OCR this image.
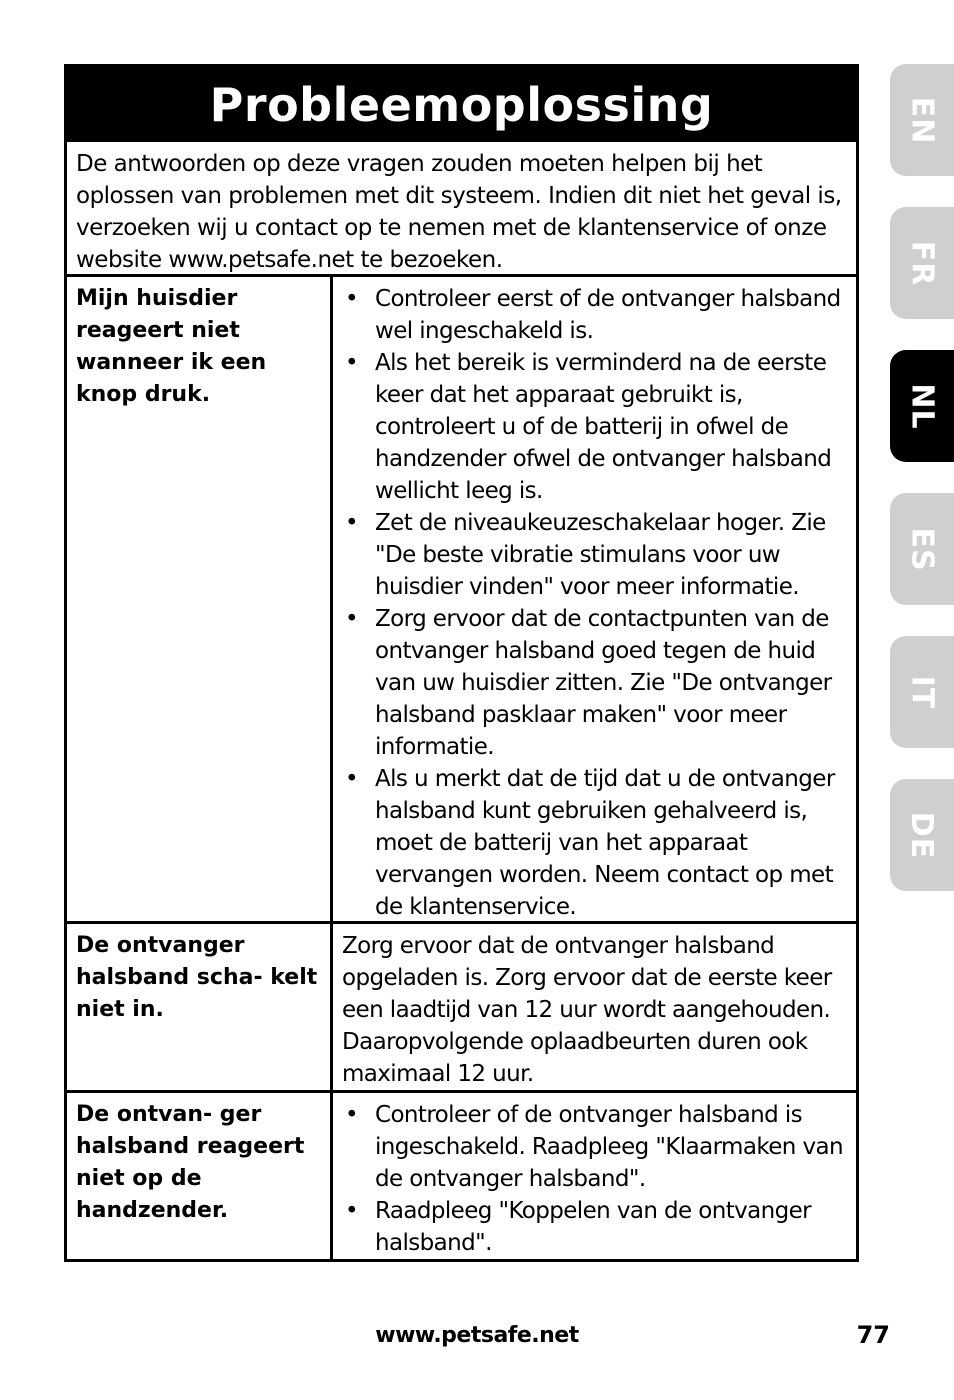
Probleemoplossing
De antwoorden op deze vragen zouden moeten helpen bij het oplossen van problemen met dit systeem. Indien dit niet het geval is, verzoeken wij u contact op te nemen met de klantenservice of onze website www.petsafe.net te bezoeken.
Mijn huisdier reageert niet wanneer ik een knop druk.
• Controleer eerst of de ontvanger halsband wel ingeschakeld is.
• Als het bereik is verminderd na de eerste keer dat het apparaat gebruikt is, controleert u of de batterij in ofwel de handzender ofwel de ontvanger halsband wellicht leeg is.
• Zet de niveaukeuzeschakelaar hoger. Zie "De beste vibratie stimulans voor uw huisdier vinden" voor meer informatie.
• Zorg ervoor dat de contactpunten van de ontvanger halsband goed tegen de huid van uw huisdier zitten. Zie "De ontvanger halsband pasklaar maken" voor meer informatie.
• Als u merkt dat de tijd dat u de ontvanger halsband kunt gebruiken gehalveerd is, moet de batterij van het apparaat vervangen worden. Neem contact op met de klantenservice.
De ontvanger halsband scha- kelt niet in.
Zorg ervoor dat de ontvanger halsband opgeladen is. Zorg ervoor dat de eerste keer een laadtijd van 12 uur wordt aangehouden. Daaropvolgende oplaadbeurten duren ook maximaal 12 uur.
De ontvan- ger halsband reageert niet op de handzender.
• Controleer of de ontvanger halsband is ingeschakeld. Raadpleeg "Klaarmaken van de ontvanger halsband".
• Raadpleeg "Koppelen van de ontvanger halsband".
EN
FR
NL
ES
IT
DE
www.petsafe.net	77
